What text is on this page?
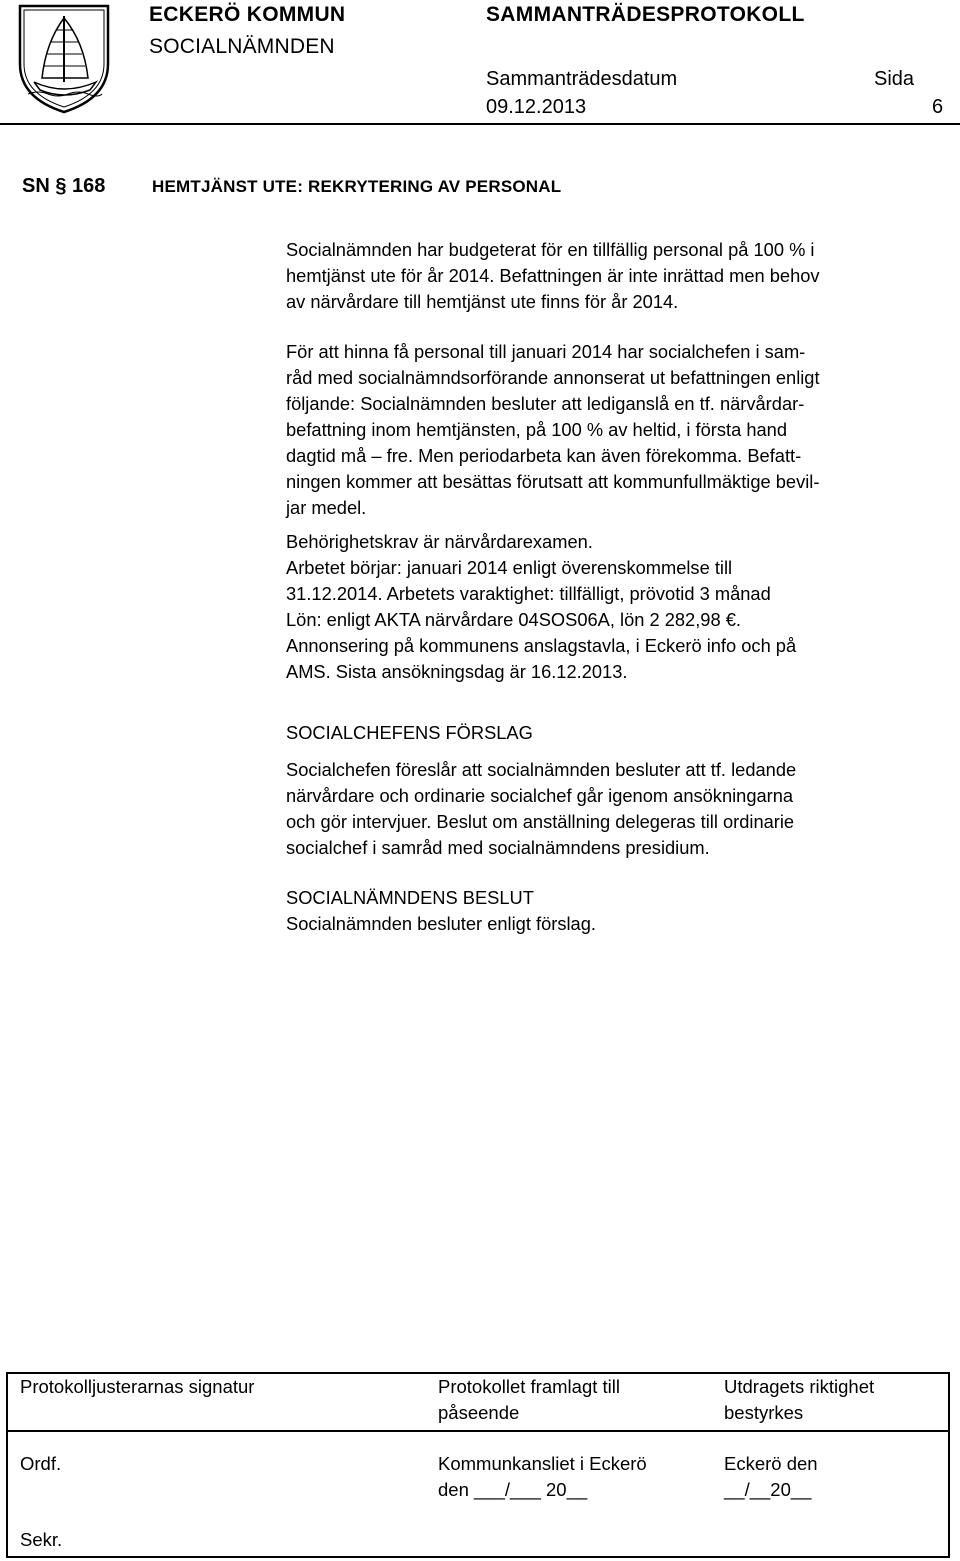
ECKERÖ KOMMUN
SOCIALNÄMNDEN
SAMMANTRÄDESPROTOKOLL
Sammanträdesdatum
09.12.2013
Sida
6
SN § 168	HEMTJÄNST UTE: REKRYTERING AV PERSONAL

Socialnämnden har budgeterat för en tillfällig personal på 100 % i

hemtjänst ute för år 2014. Befattningen är inte inrättad men behov

av närvårdare till hemtjänst ute finns för år 2014.

För att hinna få personal till januari 2014 har socialchefen i sam-

råd med socialnämndsorförande annonserat ut befattningen enligt

följande: Socialnämnden besluter att lediganslå en tf. närvårdar-

befattning inom hemtjänsten, på 100 % av heltid, i första hand

dagtid må – fre. Men periodarbeta kan även förekomma. Befatt-

ningen kommer att besättas förutsatt att kommunfullmäktige bevil-

jar medel.

Behörighetskrav är närvårdarexamen.

Arbetet börjar: januari 2014 enligt överenskommelse till

31.12.2014. Arbetets varaktighet: tillfälligt, prövotid 3 månad

Lön: enligt AKTA närvårdare 04SOS06A, lön 2 282,98 €.

Annonsering på kommunens anslagstavla, i Eckerö info och på

AMS. Sista ansökningsdag är 16.12.2013.

SOCIALCHEFENS FÖRSLAG

Socialchefen föreslår att socialnämnden besluter att tf. ledande

närvårdare och ordinarie socialchef går igenom ansökningarna

och gör intervjuer. Beslut om anställning delegeras till ordinarie

socialchef i samråd med socialnämndens presidium.

SOCIALNÄMNDENS BESLUT
Socialnämnden besluter enligt förslag.
Protokolljusterarnas signatur	Protokollet framlagt till
påseende
Utdragets riktighet
bestyrkes
Ordf.
Sekr.
Kommunkansliet i Eckerö
den ___/___ 20__
Eckerö den
__/__20__
